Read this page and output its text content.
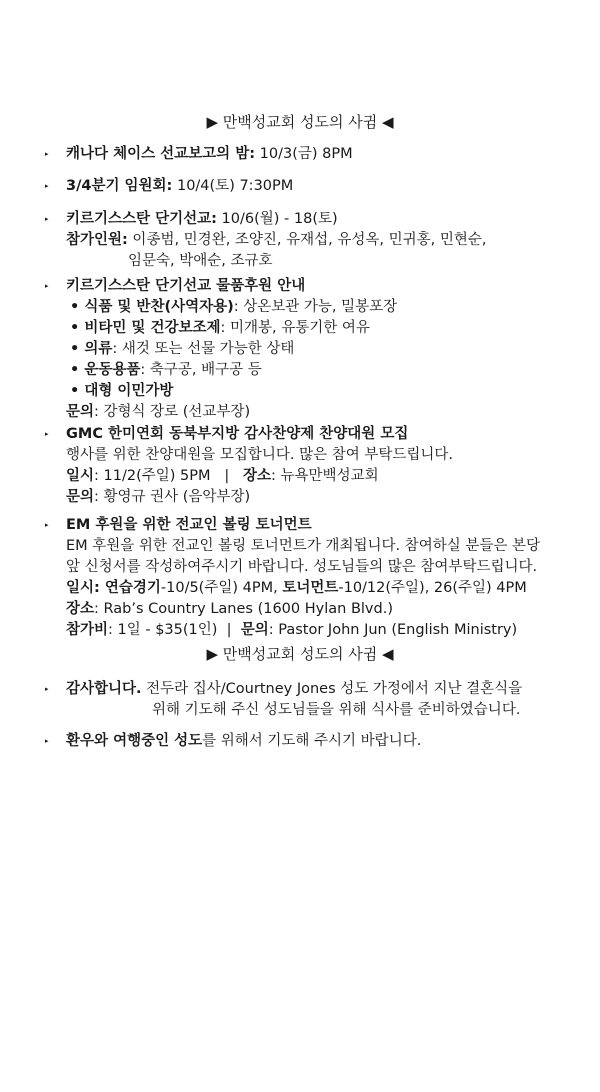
▶ 만백성교회 성도의 사귐 ◀
▸ 캐나다 체이스 선교보고의 밤: 10/3(금) 8PM
▸ 3/4분기 임원회: 10/4(토) 7:30PM
▸ 키르기스스탄 단기선교: 10/6(월) - 18(토)
참가인원: 이종범, 민경완, 조양진, 유재섭, 유성옥, 민귀홍, 민현순,
임문숙, 박애순, 조규호
▸ 키르기스스탄 단기선교 물품후원 안내
• 식품 및 반찬(사역자용): 상온보관 가능, 밀봉포장
• 비타민 및 건강보조제: 미개봉, 유통기한 여유
• 의류: 새것 또는 선물 가능한 상태
• 운동용품: 축구공, 배구공 등
• 대형 이민가방
문의: 강형식 장로 (선교부장)
▸ GMC 한미연회 동북부지방 감사찬양제 찬양대원 모집
행사를 위한 찬양대원을 모집합니다. 많은 참여 부탁드립니다.
일시: 11/2(주일) 5PM   |   장소: 뉴욕만백성교회
문의: 황영규 권사 (음악부장)
▸ EM 후원을 위한 전교인 볼링 토너먼트
EM 후원을 위한 전교인 볼링 토너먼트가 개최됩니다. 참여하실 분들은 본당
앞 신청서를 작성하여주시기 바랍니다. 성도님들의 많은 참여부탁드립니다.
일시: 연습경기-10/5(주일) 4PM, 토너먼트-10/12(주일), 26(주일) 4PM
장소: Rab’s Country Lanes (1600 Hylan Blvd.)
참가비: 1일 - $35(1인)  |  문의: Pastor John Jun (English Ministry)
▶ 만백성교회 성도의 사귐 ◀
▸ 감사합니다. 전두라 집사/Courtney Jones 성도 가정에서 지난 결혼식을
위해 기도해 주신 성도님들을 위해 식사를 준비하였습니다.
▸ 환우와 여행중인 성도를 위해서 기도해 주시기 바랍니다.
